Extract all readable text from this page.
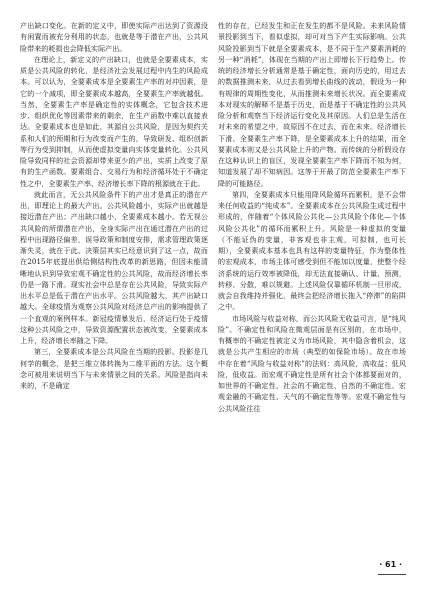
产出缺口变化。在新的定义中，即使实际产出达到了资源没有闲置而被充分利用的状态，也就是等于潜在产出，公共风险带来的耗损也会降低实际产出。

在理论上，新定义的产出缺口，也就是全要素成本，实质是公共风险的转化，是经济社会发展过程中内生的风险成本。可以认为，全要素成本是全要素生产率的对冲因素，是它的一个减项，即全要素成本越高，全要素生产率就越低。当然，全要素生产率是确定性的实体概念，它包含技术进步、组织优化等因素带来的剩余，在生产函数中难以直接表达。全要素成本也是如此，其源自公共风险，是因为契约关系和人们的预期和行为改变而产生的，导致研发、组织创新等行为受到抑制，从而使虚拟变量向实体变量转化。公共风险导致同样的社会资源却带来更少的产出，实质上改变了原有的生产函数。要素组合、交易行为和经济循环处于不确定性之中，全要素生产率、经济增长率下降的根源就在于此。

就此而言，无公共风险条件下的产出才是真正的潜在产出，即理论上的最大产出。公共风险越小，实际产出就越是接近潜在产出；产出缺口越小，全要素成本越小。若无视公共风险的所谓潜在产出，全身实际产出在通过潜在产出的过程中出现路径偏差，误导政策和制度安排，需求管理政策逐渐失灵，就在于此。决策层其实已经意识到了这一点，故而在2015年底提出供给侧结构性改革的新思路，但因未能清晰地认识到导致宏观不确定性的公共风险，故而经济增长率仍是一路下滑。现实社会中总是存在公共风险，导致实际产出水平总是低于潜在产出水平。公共风险越大，其产出缺口越大。全球疫情为观察公共风险对经济总产出的影响提供了一个直观的案例样本。新冠疫情暴发后，经济运行处于疫情这种公共风险之中，导致资源配置状态被改变，全要素成本上升，经济增长率随之下降。

第三，全要素成本是公共风险在当期的投影。投影是几何学的概念，是把三维立体转换为二维平面的方法。这个概念可被用来说明当下与未来情景之间的关系。风险是指向未来的，不是确定

性的存在，已经发生和正在发生的都不是风险。未来风险情景投影到当下，看似虚拟，却可对当下产生实际影响。公共风险投影到当下就是全要素成本，是不同于生产要素消耗的另一种“消耗”，体现在当期的产出上即增长下行趋势上。传统的经济增长分析通常是基于确定性，面向历史的，用过去的数据推测未来，从过去看到增长曲线的波动，假设为一种有规律的周期性变化，从而推测未来增长状况。而全要素成本对现实的解释不是基于历史，而是基于不确定性的公共风险分析和观察当下经济运行变化及其原因。人们总是生活在对未来的希望之中，故原因不在过去，而在未来。经济增长下滑、全要素生产率下降，是全要素成本上升的结果，而全要素成本则又是公共风险上升的产物。而传统的分析假设存在这种认识上的盲区，发现全要素生产率下降而不知为何，知道发展了却不知病因。这等于开最了防范全要素生产率下降的可能路径。

第四，全要素成本只能用降风险循环而累积，是不会带来任何收益的“纯成本”。全要素成本在公共风险生成过程中形成的，伴随着“个体风险公共化—公共风险个体化—个体风险公共化”的循环而累积上升。风险是一种虚拟的变量（不能证伪的变量，非客观也非主观，可拟制，也可长期），全要素成本基本也具有这样的变量特征，作为整体性的宏观成本，市场主体可感受到但不能加以度量，使整个经济系统的运行效率被降低，却无法直接确认、计量、预测，转移、分散，难以规避。上述风险仅靠循环机制一旦形成，就会自我维持并强化，最终会把经济增长拖入“停滞”的陷阱之中。

市场风险与收益对称，而公共风险无收益可言，是“纯风险”。不确定性和风险在微观层面是有区别的，在市场中，有概率的不确定性被定义为市场风险，其中隐含着机会，这就是公共产生相应的市场（典型的如保险市场）。故在市场中存在着“风险与收益对称”的法则：高风险，高收益；低风险，低收益。而宏观不确定性是所有社会个体都要面对的，如世界的不确定性、社会的不确定性、自然的不确定性、宏观金融的不确定性、天气的不确定性等等。宏观不确定性与公共风险往往

· 61 ·
